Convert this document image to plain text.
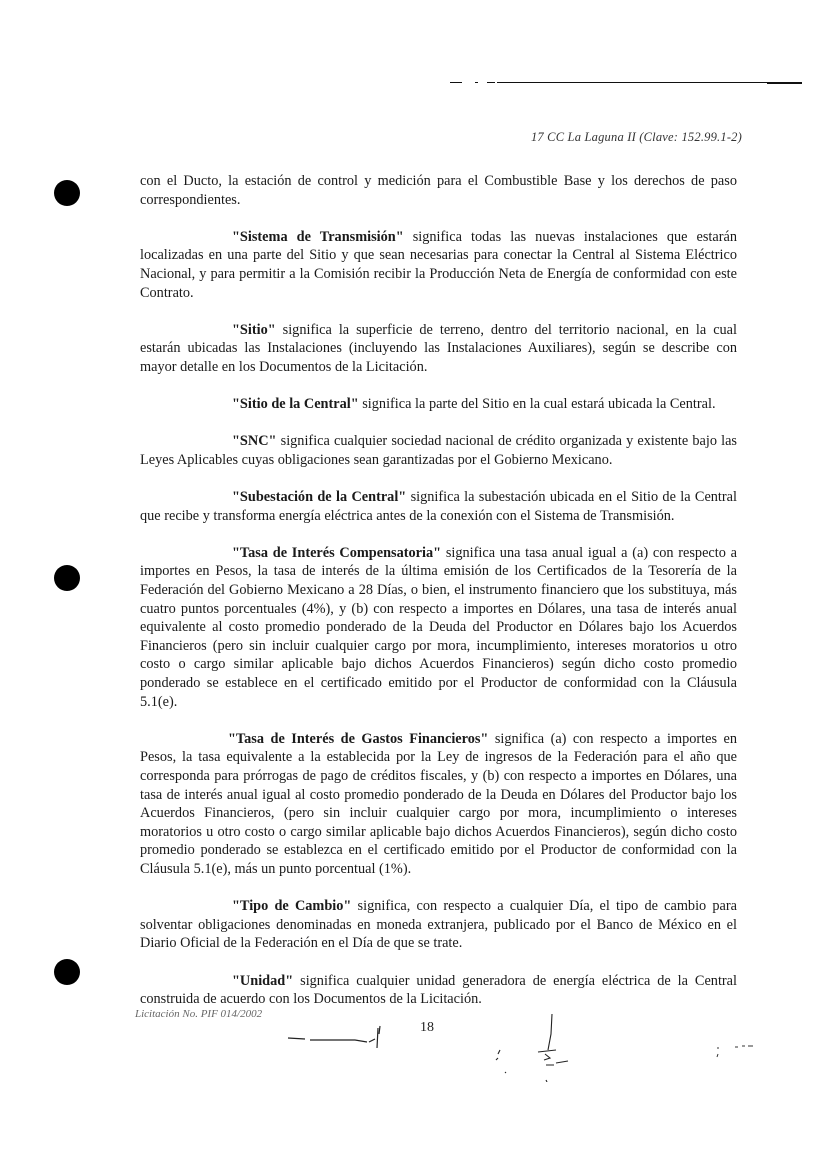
17 CC La Laguna II (Clave: 152.99.1-2)

con el Ducto, la estación de control y medición para el Combustible Base y los derechos de paso correspondientes.

"Sistema de Transmisión" significa todas las nuevas instalaciones que estarán localizadas en una parte del Sitio y que sean necesarias para conectar la Central al Sistema Eléctrico Nacional, y para permitir a la Comisión recibir la Producción Neta de Energía de conformidad con este Contrato.

"Sitio" significa la superficie de terreno, dentro del territorio nacional, en la cual estarán ubicadas las Instalaciones (incluyendo las Instalaciones Auxiliares), según se describe con mayor detalle en los Documentos de la Licitación.

"Sitio de la Central" significa la parte del Sitio en la cual estará ubicada la Central.

"SNC" significa cualquier sociedad nacional de crédito organizada y existente bajo las Leyes Aplicables cuyas obligaciones sean garantizadas por el Gobierno Mexicano.

"Subestación de la Central" significa la subestación ubicada en el Sitio de la Central que recibe y transforma energía eléctrica antes de la conexión con el Sistema de Transmisión.

"Tasa de Interés Compensatoria" significa una tasa anual igual a (a) con respecto a importes en Pesos, la tasa de interés de la última emisión de los Certificados de la Tesorería de la Federación del Gobierno Mexicano a 28 Días, o bien, el instrumento financiero que los substituya, más cuatro puntos porcentuales (4%), y (b) con respecto a importes en Dólares, una tasa de interés anual equivalente al costo promedio ponderado de la Deuda del Productor en Dólares bajo los Acuerdos Financieros (pero sin incluir cualquier cargo por mora, incumplimiento, intereses moratorios u otro costo o cargo similar aplicable bajo dichos Acuerdos Financieros) según dicho costo promedio ponderado se establece en el certificado emitido por el Productor de conformidad con la Cláusula 5.1(e).

"Tasa de Interés de Gastos Financieros" significa (a) con respecto a importes en Pesos, la tasa equivalente a la establecida por la Ley de ingresos de la Federación para el año que corresponda para prórrogas de pago de créditos fiscales, y (b) con respecto a importes en Dólares, una tasa de interés anual igual al costo promedio ponderado de la Deuda en Dólares del Productor bajo los Acuerdos Financieros, (pero sin incluir cualquier cargo por mora, incumplimiento o intereses moratorios u otro costo o cargo similar aplicable bajo dichos Acuerdos Financieros), según dicho costo promedio ponderado se establezca en el certificado emitido por el Productor de conformidad con la Cláusula 5.1(e), más un punto porcentual (1%).

"Tipo de Cambio" significa, con respecto a cualquier Día, el tipo de cambio para solventar obligaciones denominadas en moneda extranjera, publicado por el Banco de México en el Diario Oficial de la Federación en el Día de que se trate.

"Unidad" significa cualquier unidad generadora de energía eléctrica de la Central construida de acuerdo con los Documentos de la Licitación.

Licitación No. PIF 014/2002
18
